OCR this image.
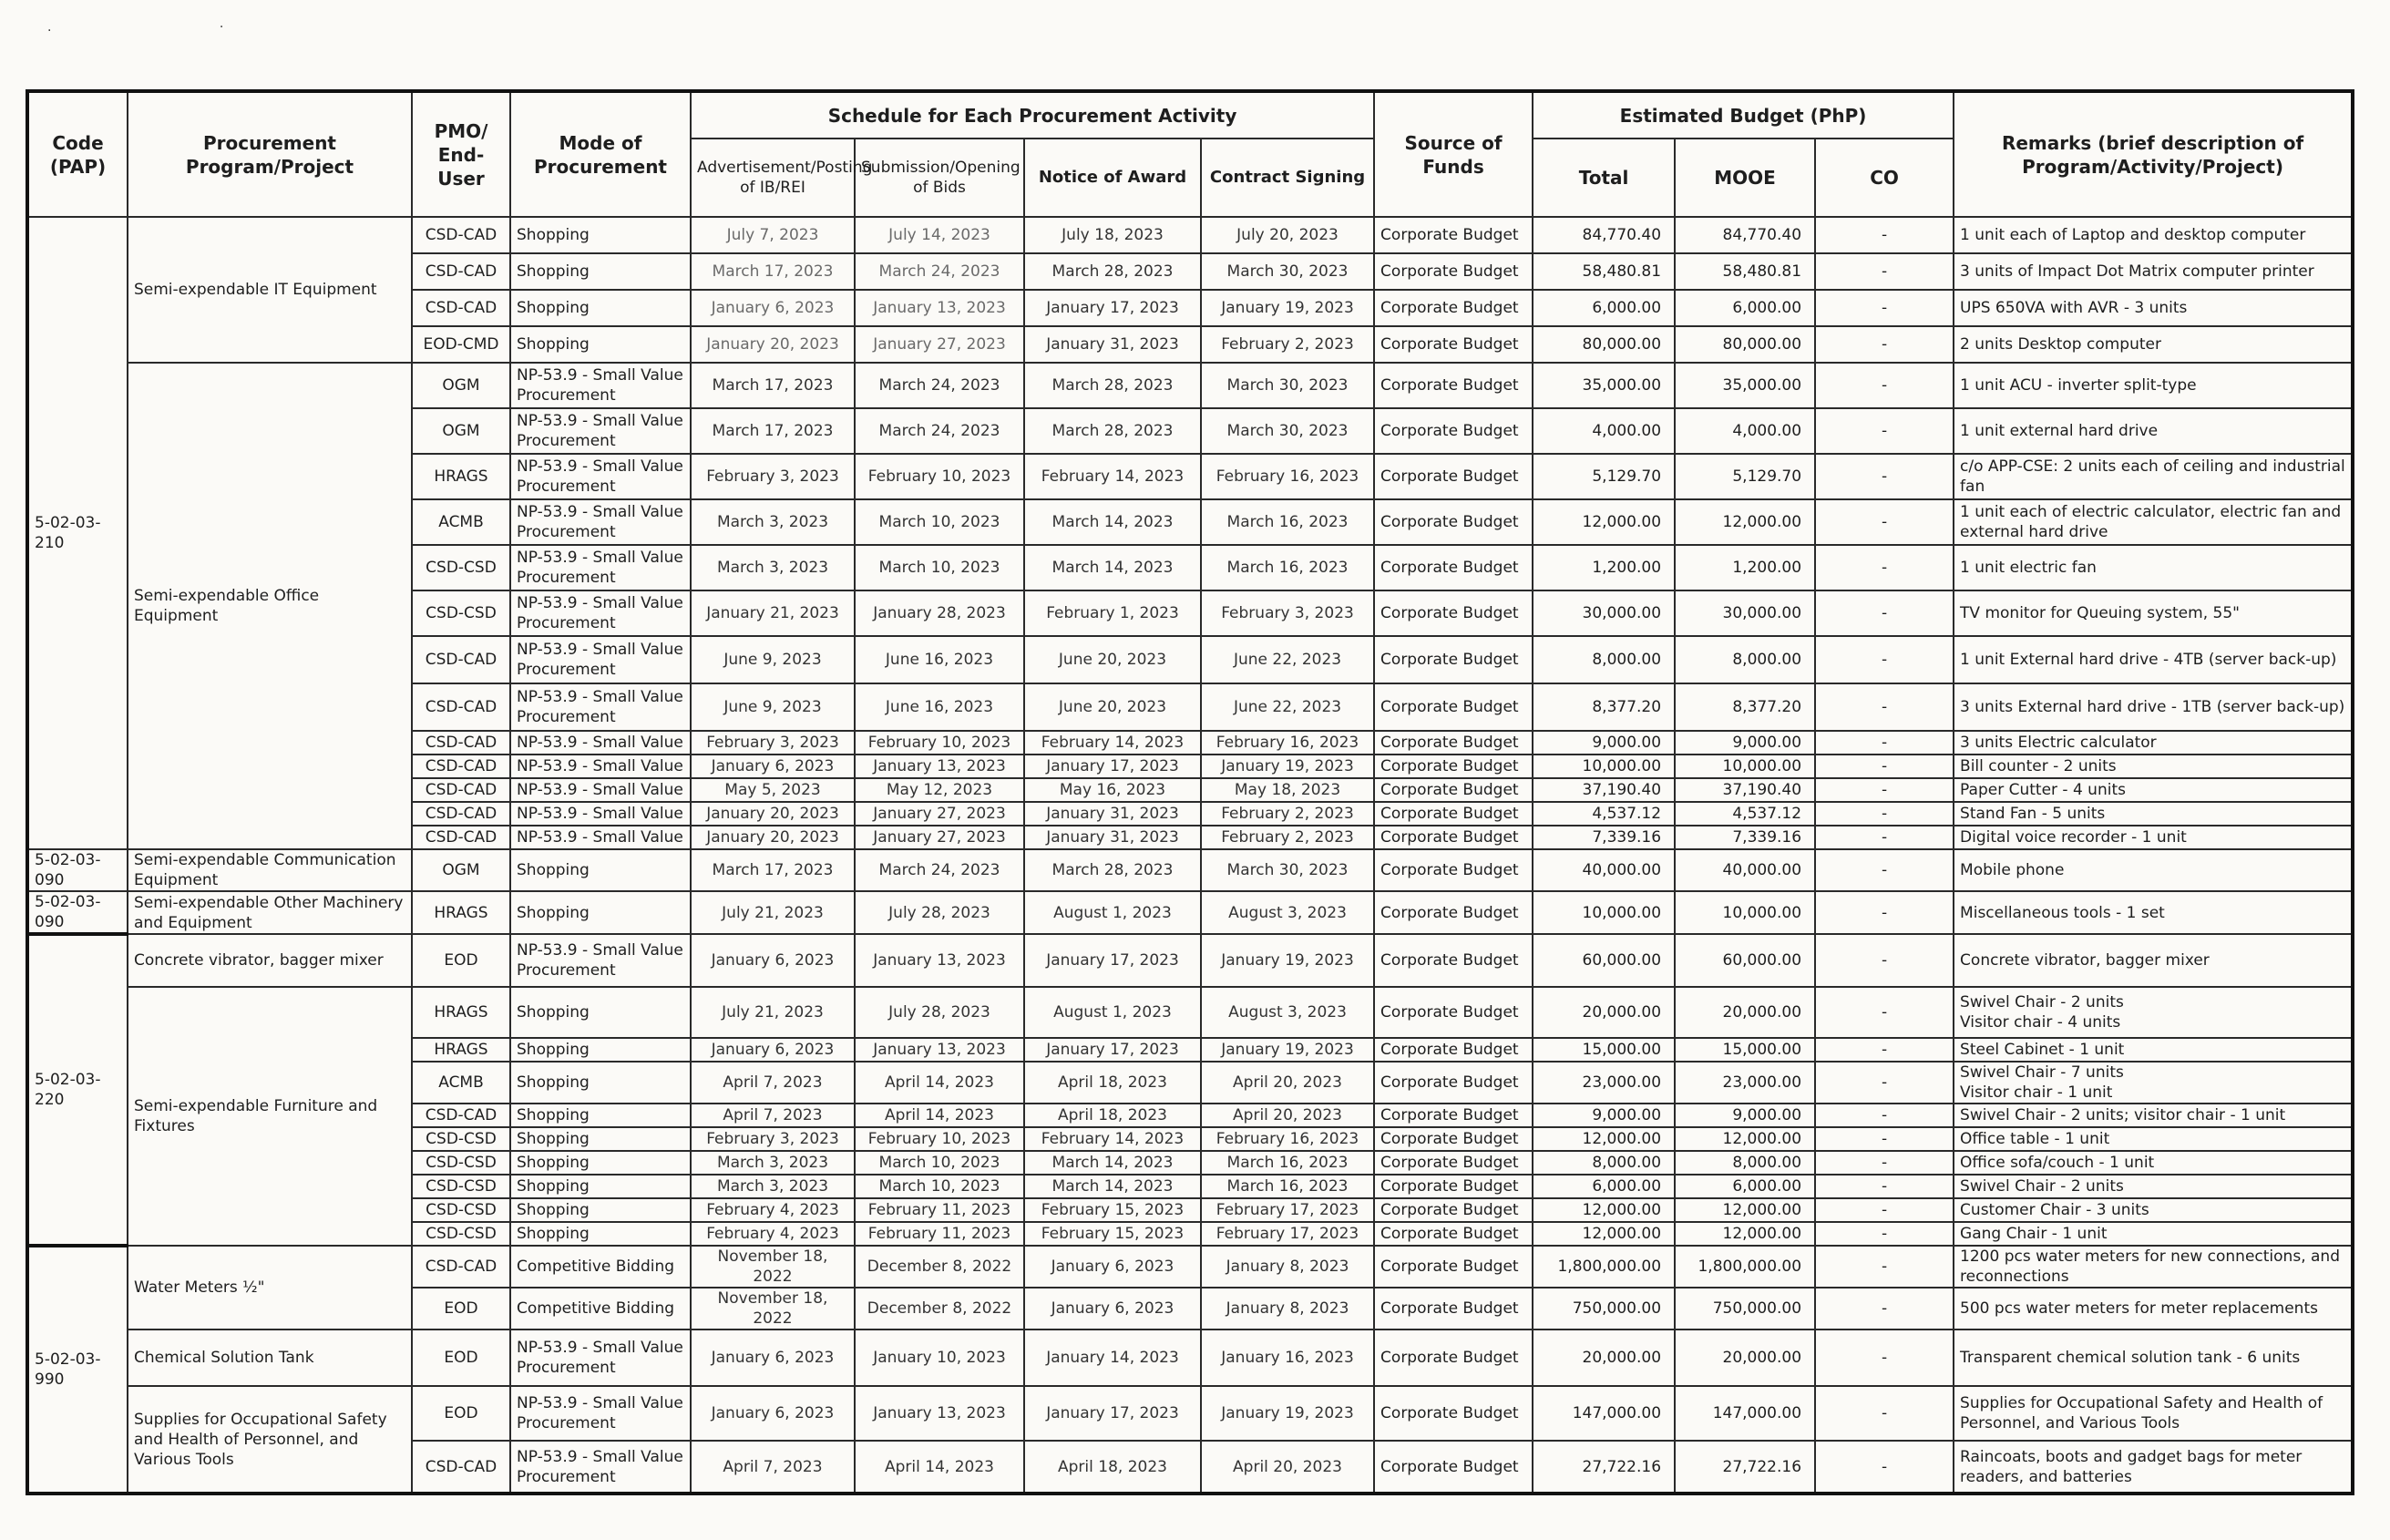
. ·
Code (PAP)	Procurement Program/Project	PMO/ End-User	Mode of Procurement	Schedule for Each Procurement Activity				Source of Funds	Estimated Budget (PhP)			Remarks (brief description of Program/Activity/Project)
				Advertisement/Posting of IB/REI	Submission/Opening of Bids	Notice of Award	Contract Signing		Total	MOOE	CO	
5-02-03-210	Semi-expendable IT Equipment	CSD-CAD	Shopping	July 7, 2023	July 14, 2023	July 18, 2023	July 20, 2023	Corporate Budget	84,770.40	84,770.40	-	1 unit each of Laptop and desktop computer
		CSD-CAD	Shopping	March 17, 2023	March 24, 2023	March 28, 2023	March 30, 2023	Corporate Budget	58,480.81	58,480.81	-	3 units of Impact Dot Matrix computer printer
		CSD-CAD	Shopping	January 6, 2023	January 13, 2023	January 17, 2023	January 19, 2023	Corporate Budget	6,000.00	6,000.00	-	UPS 650VA with AVR - 3 units
		EOD-CMD	Shopping	January 20, 2023	January 27, 2023	January 31, 2023	February 2, 2023	Corporate Budget	80,000.00	80,000.00	-	2 units Desktop computer
	Semi-expendable Office Equipment	OGM	NP-53.9 - Small Value Procurement	March 17, 2023	March 24, 2023	March 28, 2023	March 30, 2023	Corporate Budget	35,000.00	35,000.00	-	1 unit ACU - inverter split-type
		OGM	NP-53.9 - Small Value Procurement	March 17, 2023	March 24, 2023	March 28, 2023	March 30, 2023	Corporate Budget	4,000.00	4,000.00	-	1 unit external hard drive
		HRAGS	NP-53.9 - Small Value Procurement	February 3, 2023	February 10, 2023	February 14, 2023	February 16, 2023	Corporate Budget	5,129.70	5,129.70	-	c/o APP-CSE: 2 units each of ceiling and industrial fan
		ACMB	NP-53.9 - Small Value Procurement	March 3, 2023	March 10, 2023	March 14, 2023	March 16, 2023	Corporate Budget	12,000.00	12,000.00	-	1 unit each of electric calculator, electric fan and external hard drive
		CSD-CSD	NP-53.9 - Small Value Procurement	March 3, 2023	March 10, 2023	March 14, 2023	March 16, 2023	Corporate Budget	1,200.00	1,200.00	-	1 unit electric fan
		CSD-CSD	NP-53.9 - Small Value Procurement	January 21, 2023	January 28, 2023	February 1, 2023	February 3, 2023	Corporate Budget	30,000.00	30,000.00	-	TV monitor for Queuing system, 55"
		CSD-CAD	NP-53.9 - Small Value Procurement	June 9, 2023	June 16, 2023	June 20, 2023	June 22, 2023	Corporate Budget	8,000.00	8,000.00	-	1 unit External hard drive - 4TB (server back-up)
		CSD-CAD	NP-53.9 - Small Value Procurement	June 9, 2023	June 16, 2023	June 20, 2023	June 22, 2023	Corporate Budget	8,377.20	8,377.20	-	3 units External hard drive - 1TB (server back-up)
		CSD-CAD	NP-53.9 - Small Value	February 3, 2023	February 10, 2023	February 14, 2023	February 16, 2023	Corporate Budget	9,000.00	9,000.00	-	3 units Electric calculator
		CSD-CAD	NP-53.9 - Small Value	January 6, 2023	January 13, 2023	January 17, 2023	January 19, 2023	Corporate Budget	10,000.00	10,000.00	-	Bill counter - 2 units
		CSD-CAD	NP-53.9 - Small Value	May 5, 2023	May 12, 2023	May 16, 2023	May 18, 2023	Corporate Budget	37,190.40	37,190.40	-	Paper Cutter - 4 units
		CSD-CAD	NP-53.9 - Small Value	January 20, 2023	January 27, 2023	January 31, 2023	February 2, 2023	Corporate Budget	4,537.12	4,537.12	-	Stand Fan - 5 units
		CSD-CAD	NP-53.9 - Small Value	January 20, 2023	January 27, 2023	January 31, 2023	February 2, 2023	Corporate Budget	7,339.16	7,339.16	-	Digital voice recorder - 1 unit
5-02-03-090	Semi-expendable Communication Equipment	OGM	Shopping	March 17, 2023	March 24, 2023	March 28, 2023	March 30, 2023	Corporate Budget	40,000.00	40,000.00	-	Mobile phone
5-02-03-090	Semi-expendable Other Machinery and Equipment	HRAGS	Shopping	July 21, 2023	July 28, 2023	August 1, 2023	August 3, 2023	Corporate Budget	10,000.00	10,000.00	-	Miscellaneous tools - 1 set
5-02-03-220	Concrete vibrator, bagger mixer	EOD	NP-53.9 - Small Value Procurement	January 6, 2023	January 13, 2023	January 17, 2023	January 19, 2023	Corporate Budget	60,000.00	60,000.00	-	Concrete vibrator, bagger mixer
	Semi-expendable Furniture and Fixtures	HRAGS	Shopping	July 21, 2023	July 28, 2023	August 1, 2023	August 3, 2023	Corporate Budget	20,000.00	20,000.00	-	Swivel Chair - 2 units
Visitor chair - 4 units
		HRAGS	Shopping	January 6, 2023	January 13, 2023	January 17, 2023	January 19, 2023	Corporate Budget	15,000.00	15,000.00	-	Steel Cabinet - 1 unit
		ACMB	Shopping	April 7, 2023	April 14, 2023	April 18, 2023	April 20, 2023	Corporate Budget	23,000.00	23,000.00	-	Swivel Chair - 7 units
Visitor chair - 1 unit
		CSD-CAD	Shopping	April 7, 2023	April 14, 2023	April 18, 2023	April 20, 2023	Corporate Budget	9,000.00	9,000.00	-	Swivel Chair - 2 units; visitor chair - 1 unit
		CSD-CSD	Shopping	February 3, 2023	February 10, 2023	February 14, 2023	February 16, 2023	Corporate Budget	12,000.00	12,000.00	-	Office table - 1 unit
		CSD-CSD	Shopping	March 3, 2023	March 10, 2023	March 14, 2023	March 16, 2023	Corporate Budget	8,000.00	8,000.00	-	Office sofa/couch - 1 unit
		CSD-CSD	Shopping	March 3, 2023	March 10, 2023	March 14, 2023	March 16, 2023	Corporate Budget	6,000.00	6,000.00	-	Swivel Chair - 2 units
		CSD-CSD	Shopping	February 4, 2023	February 11, 2023	February 15, 2023	February 17, 2023	Corporate Budget	12,000.00	12,000.00	-	Customer Chair - 3 units
		CSD-CSD	Shopping	February 4, 2023	February 11, 2023	February 15, 2023	February 17, 2023	Corporate Budget	12,000.00	12,000.00	-	Gang Chair - 1 unit
5-02-03-990	Water Meters ½"	CSD-CAD	Competitive Bidding	November 18, 2022	December 8, 2022	January 6, 2023	January 8, 2023	Corporate Budget	1,800,000.00	1,800,000.00	-	1200 pcs water meters for new connections, and reconnections
		EOD	Competitive Bidding	November 18, 2022	December 8, 2022	January 6, 2023	January 8, 2023	Corporate Budget	750,000.00	750,000.00	-	500 pcs water meters for meter replacements
	Chemical Solution Tank	EOD	NP-53.9 - Small Value Procurement	January 6, 2023	January 10, 2023	January 14, 2023	January 16, 2023	Corporate Budget	20,000.00	20,000.00	-	Transparent chemical solution tank - 6 units
	Supplies for Occupational Safety and Health of Personnel, and Various Tools	EOD	NP-53.9 - Small Value Procurement	January 6, 2023	January 13, 2023	January 17, 2023	January 19, 2023	Corporate Budget	147,000.00	147,000.00	-	Supplies for Occupational Safety and Health of Personnel, and Various Tools
		CSD-CAD	NP-53.9 - Small Value Procurement	April 7, 2023	April 14, 2023	April 18, 2023	April 20, 2023	Corporate Budget	27,722.16	27,722.16	-	Raincoats, boots and gadget bags for meter readers, and batteries
